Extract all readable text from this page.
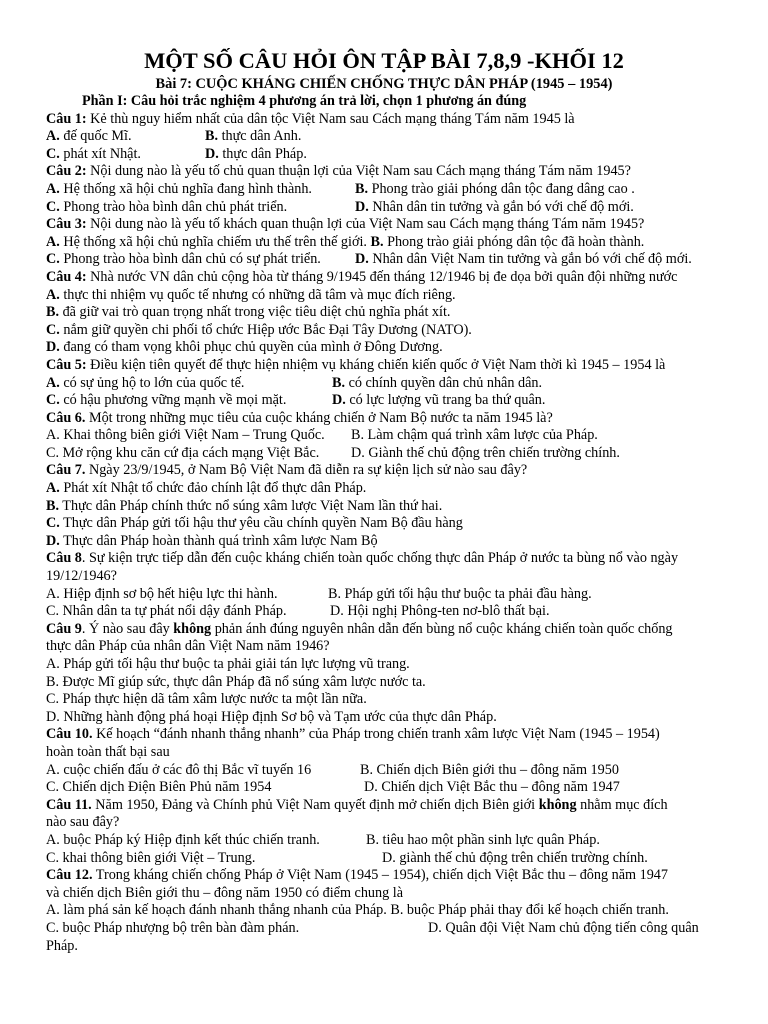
MỘT SỐ CÂU HỎI ÔN TẬP BÀI 7,8,9 -KHỐI 12
Bài 7: CUỘC KHÁNG CHIẾN CHỐNG THỰC DÂN PHÁP (1945 – 1954)
Phần I: Câu hỏi trắc nghiệm 4 phương án trả lời, chọn 1 phương án đúng
Câu 1: Kẻ thù nguy hiểm nhất của dân tộc Việt Nam sau Cách mạng tháng Tám năm 1945 là
A. đế quốc Mĩ.	B. thực dân Anh.
C. phát xít Nhật.	D. thực dân Pháp.
Câu 2: Nội dung nào là yếu tố chủ quan thuận lợi của Việt Nam sau Cách mạng tháng Tám năm 1945?
A. Hệ thống xã hội chủ nghĩa đang hình thành.	B. Phong trào giải phóng dân tộc đang dâng cao .
C. Phong trào hòa bình dân chủ phát triển.	D. Nhân dân tin tưởng và gắn bó với chế độ mới.
Câu 3: Nội dung nào là yếu tố khách quan thuận lợi của Việt Nam sau Cách mạng tháng Tám năm 1945?
A. Hệ thống xã hội chủ nghĩa chiếm ưu thế trên thế giới. B. Phong trào giải phóng dân tộc đã hoàn thành.
C. Phong trào hòa bình dân chủ có sự phát triển.	D. Nhân dân Việt Nam tin tưởng và gắn bó với chế độ mới.
Câu 4: Nhà nước VN dân chủ cộng hòa từ tháng 9/1945 đến tháng 12/1946 bị đe dọa bởi quân đội những nước
A. thực thi nhiệm vụ quốc tế nhưng có những dã tâm và mục đích riêng.
B. đã giữ vai trò quan trọng nhất trong việc tiêu diệt chủ nghĩa phát xít.
C. nắm giữ quyền chi phối tổ chức Hiệp ước Bắc Đại Tây Dương (NATO).
D. đang có tham vọng khôi phục chủ quyền của mình ở Đông Dương.
Câu 5: Điều kiện tiên quyết để thực hiện nhiệm vụ kháng chiến kiến quốc ở Việt Nam thời kì 1945 – 1954 là
A. có sự ủng hộ to lớn của quốc tế.	B. có chính quyền dân chủ nhân dân.
C. có hậu phương vững mạnh về mọi mặt.	D. có lực lượng vũ trang ba thứ quân.
Câu 6. Một trong những mục tiêu của cuộc kháng chiến ở Nam Bộ nước ta năm 1945 là?
A. Khai thông biên giới Việt Nam – Trung Quốc.	B. Làm chậm quá trình xâm lược của Pháp.
C. Mở rộng khu căn cứ địa cách mạng Việt Bắc.	D. Giành thế chủ động trên chiến trường chính.
Câu 7. Ngày 23/9/1945, ở Nam Bộ Việt Nam đã diễn ra sự kiện lịch sử nào sau đây?
A. Phát xít Nhật tổ chức đảo chính lật đổ thực dân Pháp.
B. Thực dân Pháp chính thức nổ súng xâm lược Việt Nam lần thứ hai.
C. Thực dân Pháp gửi tối hậu thư yêu cầu chính quyền Nam Bộ đầu hàng
D. Thực dân Pháp hoàn thành quá trình xâm lược Nam Bộ
Câu 8. Sự kiện trực tiếp dẫn đến cuộc kháng chiến toàn quốc chống thực dân Pháp ở nước ta bùng nổ vào ngày
19/12/1946?
A. Hiệp định sơ bộ hết hiệu lực thi hành.	B. Pháp gửi tối hậu thư buộc ta phải đầu hàng.
C. Nhân dân ta tự phát nổi dậy đánh Pháp.	D. Hội nghị Phông-ten nơ-blô thất bại.
Câu 9. Ý nào sau đây không phản ánh đúng nguyên nhân dẫn đến bùng nổ cuộc kháng chiến toàn quốc chống
thực dân Pháp của nhân dân Việt Nam năm 1946?
A. Pháp gửi tối hậu thư buộc ta phải giải tán lực lượng vũ trang.
B. Được Mĩ giúp sức, thực dân Pháp đã nổ súng xâm lược nước ta.
C. Pháp thực hiện dã tâm xâm lược nước ta một lần nữa.
D. Những hành động phá hoại Hiệp định Sơ bộ và Tạm ước của thực dân Pháp.
Câu 10. Kế hoạch “đánh nhanh thắng nhanh” của Pháp trong chiến tranh xâm lược Việt Nam (1945 – 1954)
hoàn toàn thất bại sau
A. cuộc chiến đấu ở các đô thị Bắc vĩ tuyến 16	B. Chiến dịch Biên giới thu – đông năm 1950
C. Chiến dịch Điện Biên Phủ năm 1954	D. Chiến dịch Việt Bắc thu – đông năm 1947
Câu 11. Năm 1950, Đảng và Chính phủ Việt Nam quyết định mở chiến dịch Biên giới không nhằm mục đích
nào sau đây?
A. buộc Pháp ký Hiệp định kết thúc chiến tranh.	B. tiêu hao một phần sinh lực quân Pháp.
C. khai thông biên giới Việt – Trung.	D. giành thế chủ động trên chiến trường chính.
Câu 12. Trong kháng chiến chống Pháp ở Việt Nam (1945 – 1954), chiến dịch Việt Bắc thu – đông năm 1947
và chiến dịch Biên giới thu – đông năm 1950 có điểm chung là
A. làm phá sản kế hoạch đánh nhanh thắng nhanh của Pháp. B. buộc Pháp phải thay đổi kế hoạch chiến tranh.
C. buộc Pháp nhượng bộ trên bàn đàm phán.	D. Quân đội Việt Nam chủ động tiến công quân
Pháp.
